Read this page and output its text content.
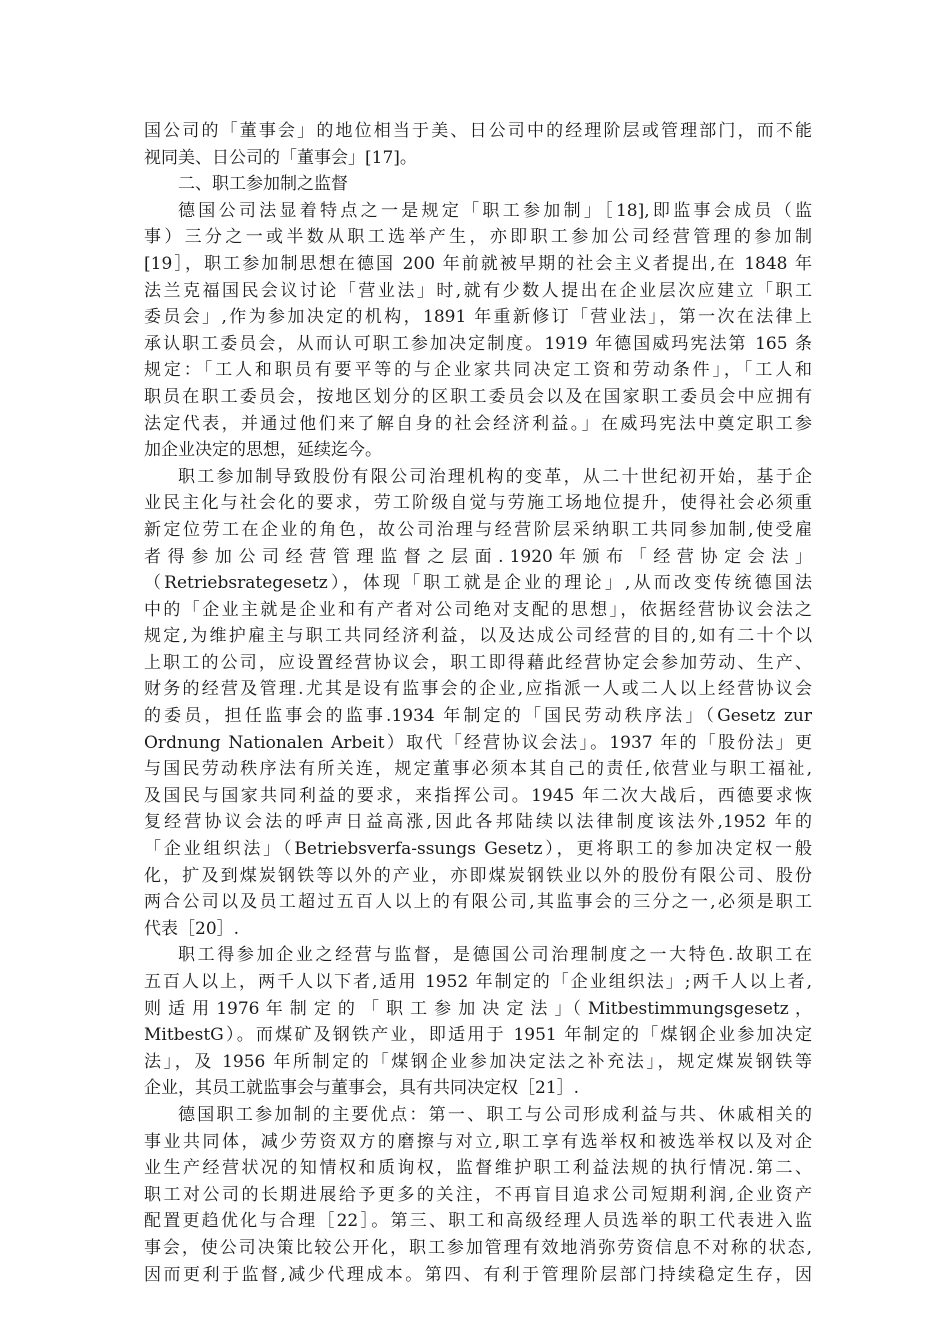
国公司的「董事会」的地位相当于美、日公司中的经理阶层或管理部门，而不能
视同美、日公司的「董事会」[17]。
二、职工参加制之监督
德国公司法显着特点之一是规定「职工参加制」［18],即监事会成员（监
事）三分之一或半数从职工选举产生，亦即职工参加公司经营管理的参加制
[19］，职工参加制思想在德国 200 年前就被早期的社会主义者提出,在 1848 年
法兰克福国民会议讨论「营业法」时,就有少数人提出在企业层次应建立「职工
委员会」,作为参加决定的机构，1891 年重新修订「营业法」，第一次在法律上
承认职工委员会，从而认可职工参加决定制度。1919 年德国威玛宪法第 165 条
规定：「工人和职员有要平等的与企业家共同决定工资和劳动条件」，「工人和
职员在职工委员会，按地区划分的区职工委员会以及在国家职工委员会中应拥有
法定代表，并通过他们来了解自身的社会经济利益。」在威玛宪法中奠定职工参
加企业决定的思想，延续迄今。
职工参加制导致股份有限公司治理机构的变革，从二十世纪初开始，基于企
业民主化与社会化的要求，劳工阶级自觉与劳施工场地位提升，使得社会必须重
新定位劳工在企业的角色，故公司治理与经营阶层采纳职工共同参加制,使受雇
者 得 参 加 公 司 经 营 管 理 监 督 之 层 面 . 1920 年 颁 布 「 经 营 协 定 会 法 」
（Retriebsrategesetz），体现「职工就是企业的理论」,从而改变传统德国法
中的「企业主就是企业和有产者对公司绝对支配的思想」，依据经营协议会法之
规定,为维护雇主与职工共同经济利益，以及达成公司经营的目的,如有二十个以
上职工的公司，应设置经营协议会，职工即得藉此经营协定会参加劳动、生产、
财务的经营及管理.尤其是设有监事会的企业,应指派一人或二人以上经营协议会
的委员，担任监事会的监事.1934 年制定的「国民劳动秩序法」（Gesetz zur
Ordnung Nationalen Arbeit）取代「经营协议会法」。1937 年的「股份法」更
与国民劳动秩序法有所关连，规定董事必须本其自己的责任,依营业与职工福祉,
及国民与国家共同利益的要求，来指挥公司。1945 年二次大战后，西德要求恢
复经营协议会法的呼声日益高涨,因此各邦陆续以法律制度该法外,1952 年的
「企业组织法」（Betriebsverfa-ssungs Gesetz），更将职工的参加决定权一般
化，扩及到煤炭钢铁等以外的产业，亦即煤炭钢铁业以外的股份有限公司、股份
两合公司以及员工超过五百人以上的有限公司,其监事会的三分之一,必须是职工
代表［20］.
职工得参加企业之经营与监督，是德国公司治理制度之一大特色.故职工在
五百人以上，两千人以下者,适用 1952 年制定的「企业组织法」;两千人以上者,
则 适 用 1976 年 制 定 的 「 职 工 参 加 决 定 法 」（ Mitbestimmungsgesetz ，
MitbestG）。而煤矿及钢铁产业，即适用于 1951 年制定的「煤钢企业参加决定
法」，及 1956 年所制定的「煤钢企业参加决定法之补充法」，规定煤炭钢铁等
企业，其员工就监事会与董事会，具有共同决定权［21］.
德国职工参加制的主要优点：第一、职工与公司形成利益与共、休戚相关的
事业共同体，减少劳资双方的磨擦与对立,职工享有选举权和被选举权以及对企
业生产经营状况的知情权和质询权，监督维护职工利益法规的执行情况.第二、
职工对公司的长期进展给予更多的关注，不再盲目追求公司短期利润,企业资产
配置更趋优化与合理［22］。第三、职工和高级经理人员选举的职工代表进入监
事会，使公司决策比较公开化，职工参加管理有效地消弥劳资信息不对称的状态,
因而更利于监督,减少代理成本。第四、有利于管理阶层部门持续稳定生存，因
